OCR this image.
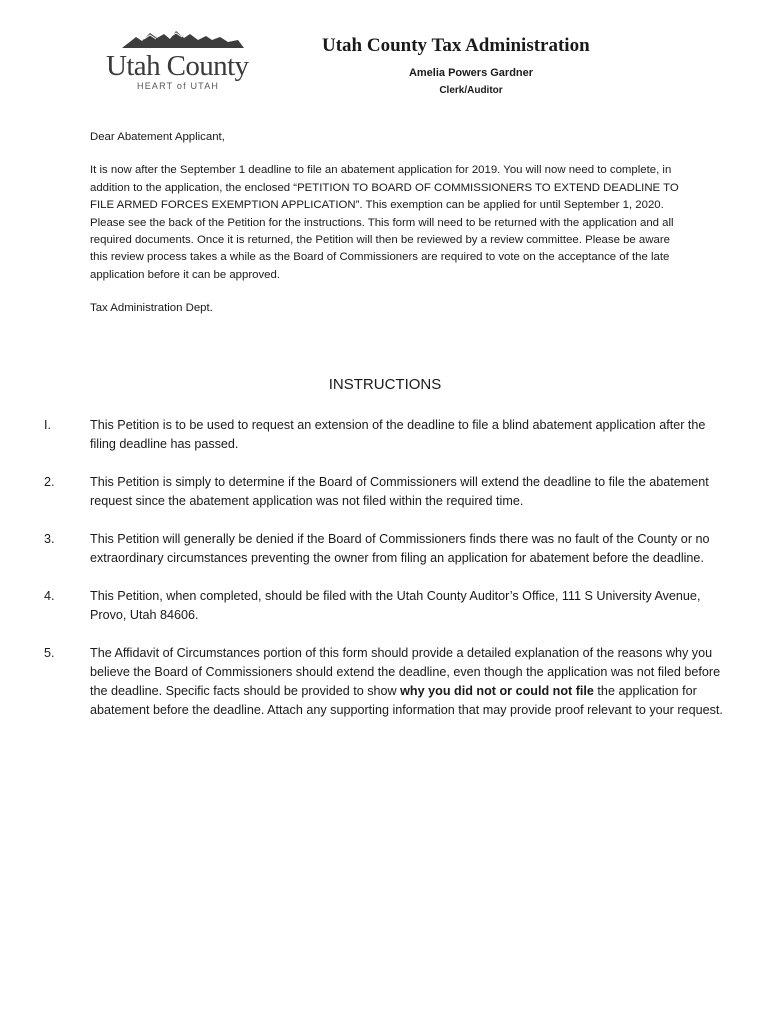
Utah County
HEART of UTAH
Utah County Tax Administration
Amelia Powers Gardner
Clerk/Auditor

Dear Abatement Applicant,

It is now after the September 1 deadline to file an abatement application for 2019. You will now need to complete, in addition to the application, the enclosed “PETITION TO BOARD OF COMMISSIONERS TO EXTEND DEADLINE TO FILE ARMED FORCES EXEMPTION APPLICATION”. This exemption can be applied for until September 1, 2020. Please see the back of the Petition for the instructions. This form will need to be returned with the application and all required documents. Once it is returned, the Petition will then be reviewed by a review committee. Please be aware this review process takes a while as the Board of Commissioners are required to vote on the acceptance of the late application before it can be approved.

Tax Administration Dept.

INSTRUCTIONS
I.	This Petition is to be used to request an extension of the deadline to file a blind abatement application after the filing deadline has passed.
2.	This Petition is simply to determine if the Board of Commissioners will extend the deadline to file the abatement request since the abatement application was not filed within the required time.
3.	This Petition will generally be denied if the Board of Commissioners finds there was no fault of the County or no extraordinary circumstances preventing the owner from filing an application for abatement before the deadline.
4.	This Petition, when completed, should be filed with the Utah County Auditor’s Office, 111 S University Avenue, Provo, Utah 84606.
5.	The Affidavit of Circumstances portion of this form should provide a detailed explanation of the reasons why you believe the Board of Commissioners should extend the deadline, even though the application was not filed before the deadline. Specific facts should be provided to show why you did not or could not file the application for abatement before the deadline. Attach any supporting information that may provide proof relevant to your request.
